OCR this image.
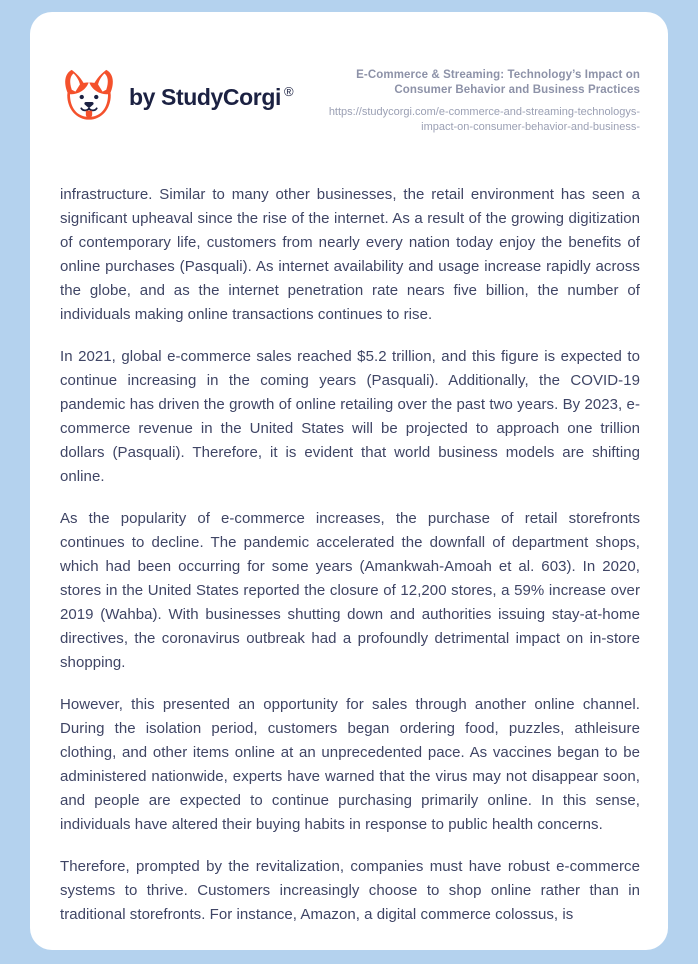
by StudyCorgi ®
E-Commerce & Streaming: Technology’s Impact on Consumer Behavior and Business Practices
https://studycorgi.com/e-commerce-and-streaming-technologys-impact-on-consumer-behavior-and-business-

infrastructure. Similar to many other businesses, the retail environment has seen a significant upheaval since the rise of the internet. As a result of the growing digitization of contemporary life, customers from nearly every nation today enjoy the benefits of online purchases (Pasquali). As internet availability and usage increase rapidly across the globe, and as the internet penetration rate nears five billion, the number of individuals making online transactions continues to rise.

In 2021, global e-commerce sales reached $5.2 trillion, and this figure is expected to continue increasing in the coming years (Pasquali). Additionally, the COVID-19 pandemic has driven the growth of online retailing over the past two years. By 2023, e-commerce revenue in the United States will be projected to approach one trillion dollars (Pasquali). Therefore, it is evident that world business models are shifting online.

As the popularity of e-commerce increases, the purchase of retail storefronts continues to decline. The pandemic accelerated the downfall of department shops, which had been occurring for some years (Amankwah-Amoah et al. 603). In 2020, stores in the United States reported the closure of 12,200 stores, a 59% increase over 2019 (Wahba). With businesses shutting down and authorities issuing stay-at-home directives, the coronavirus outbreak had a profoundly detrimental impact on in-store shopping.

However, this presented an opportunity for sales through another online channel. During the isolation period, customers began ordering food, puzzles, athleisure clothing, and other items online at an unprecedented pace. As vaccines began to be administered nationwide, experts have warned that the virus may not disappear soon, and people are expected to continue purchasing primarily online. In this sense, individuals have altered their buying habits in response to public health concerns.

Therefore, prompted by the revitalization, companies must have robust e-commerce systems to thrive. Customers increasingly choose to shop online rather than in traditional storefronts. For instance, Amazon, a digital commerce colossus, is
